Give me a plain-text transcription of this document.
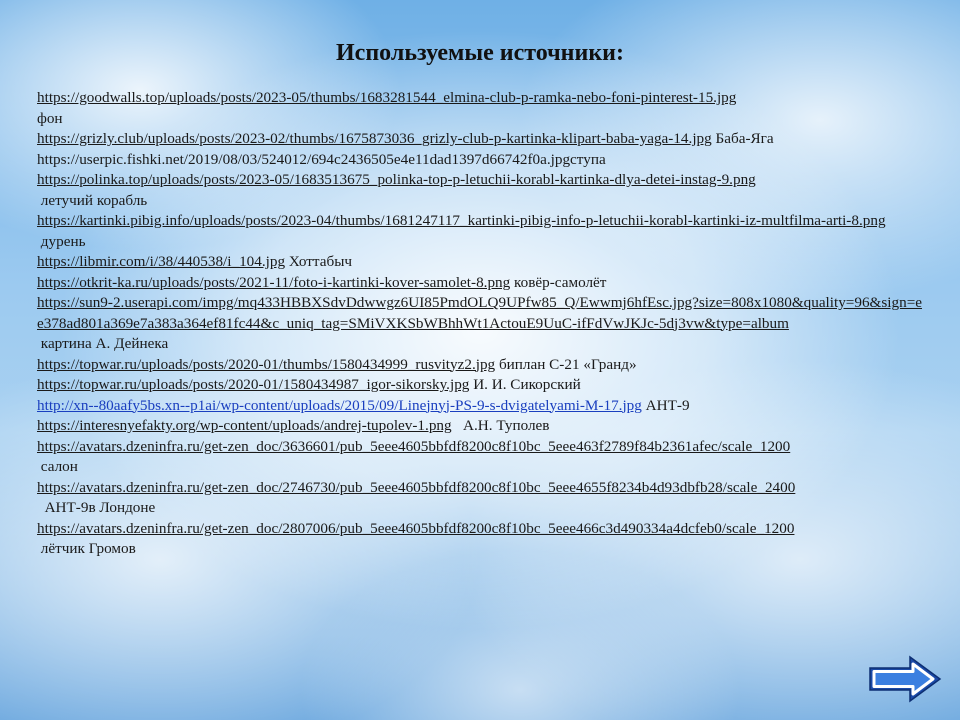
Используемые источники:

https://goodwalls.top/uploads/posts/2023-05/thumbs/1683281544_elmina-club-p-ramka-nebo-foni-pinterest-15.jpg
фон

https://grizly.club/uploads/posts/2023-02/thumbs/1675873036_grizly-club-p-kartinka-klipart-baba-yaga-14.jpg Баба-Яга

https://userpic.fishki.net/2019/08/03/524012/694c2436505e4e11dad1397d66742f0a.jpgступа

https://polinka.top/uploads/posts/2023-05/1683513675_polinka-top-p-letuchii-korabl-kartinka-dlya-detei-instag-9.png
летучий корабль

https://kartinki.pibig.info/uploads/posts/2023-04/thumbs/1681247117_kartinki-pibig-info-p-letuchii-korabl-kartinki-iz-multfilma-arti-8.png
дурень

https://libmir.com/i/38/440538/i_104.jpg Хоттабыч

https://otkrit-ka.ru/uploads/posts/2021-11/foto-i-kartinki-kover-samolet-8.png ковёр-самолёт

https://sun9-2.userapi.com/impg/mq433HBBXSdvDdwwgz6UI85PmdOLQ9UPfw85_Q/Ewwmj6hfEsc.jpg?size=808x1080&quality=96&sign=ee378ad801a369e7a383a364ef81fc44&c_uniq_tag=SMiVXKSbWBhhWt1ActouE9UuC-ifFdVwJKJc-5dj3vw&type=album
картина А. Дейнека

https://topwar.ru/uploads/posts/2020-01/thumbs/1580434999_rusvityz2.jpg биплан С-21 «Гранд»

https://topwar.ru/uploads/posts/2020-01/1580434987_igor-sikorsky.jpg И. И. Сикорский

http://xn--80aafy5bs.xn--p1ai/wp-content/uploads/2015/09/Linejnyj-PS-9-s-dvigatelyami-M-17.jpg АНТ-9

https://interesnyefakty.org/wp-content/uploads/andrej-tupolev-1.png   А.Н. Туполев

https://avatars.dzeninfra.ru/get-zen_doc/3636601/pub_5eee4605bbfdf8200c8f10bc_5eee463f2789f84b2361afec/scale_1200
салон

https://avatars.dzeninfra.ru/get-zen_doc/2746730/pub_5eee4605bbfdf8200c8f10bc_5eee4655f8234b4d93dbfb28/scale_2400
АНТ-9в Лондоне

https://avatars.dzeninfra.ru/get-zen_doc/2807006/pub_5eee4605bbfdf8200c8f10bc_5eee466c3d490334a4dcfeb0/scale_1200
лётчик Громов
